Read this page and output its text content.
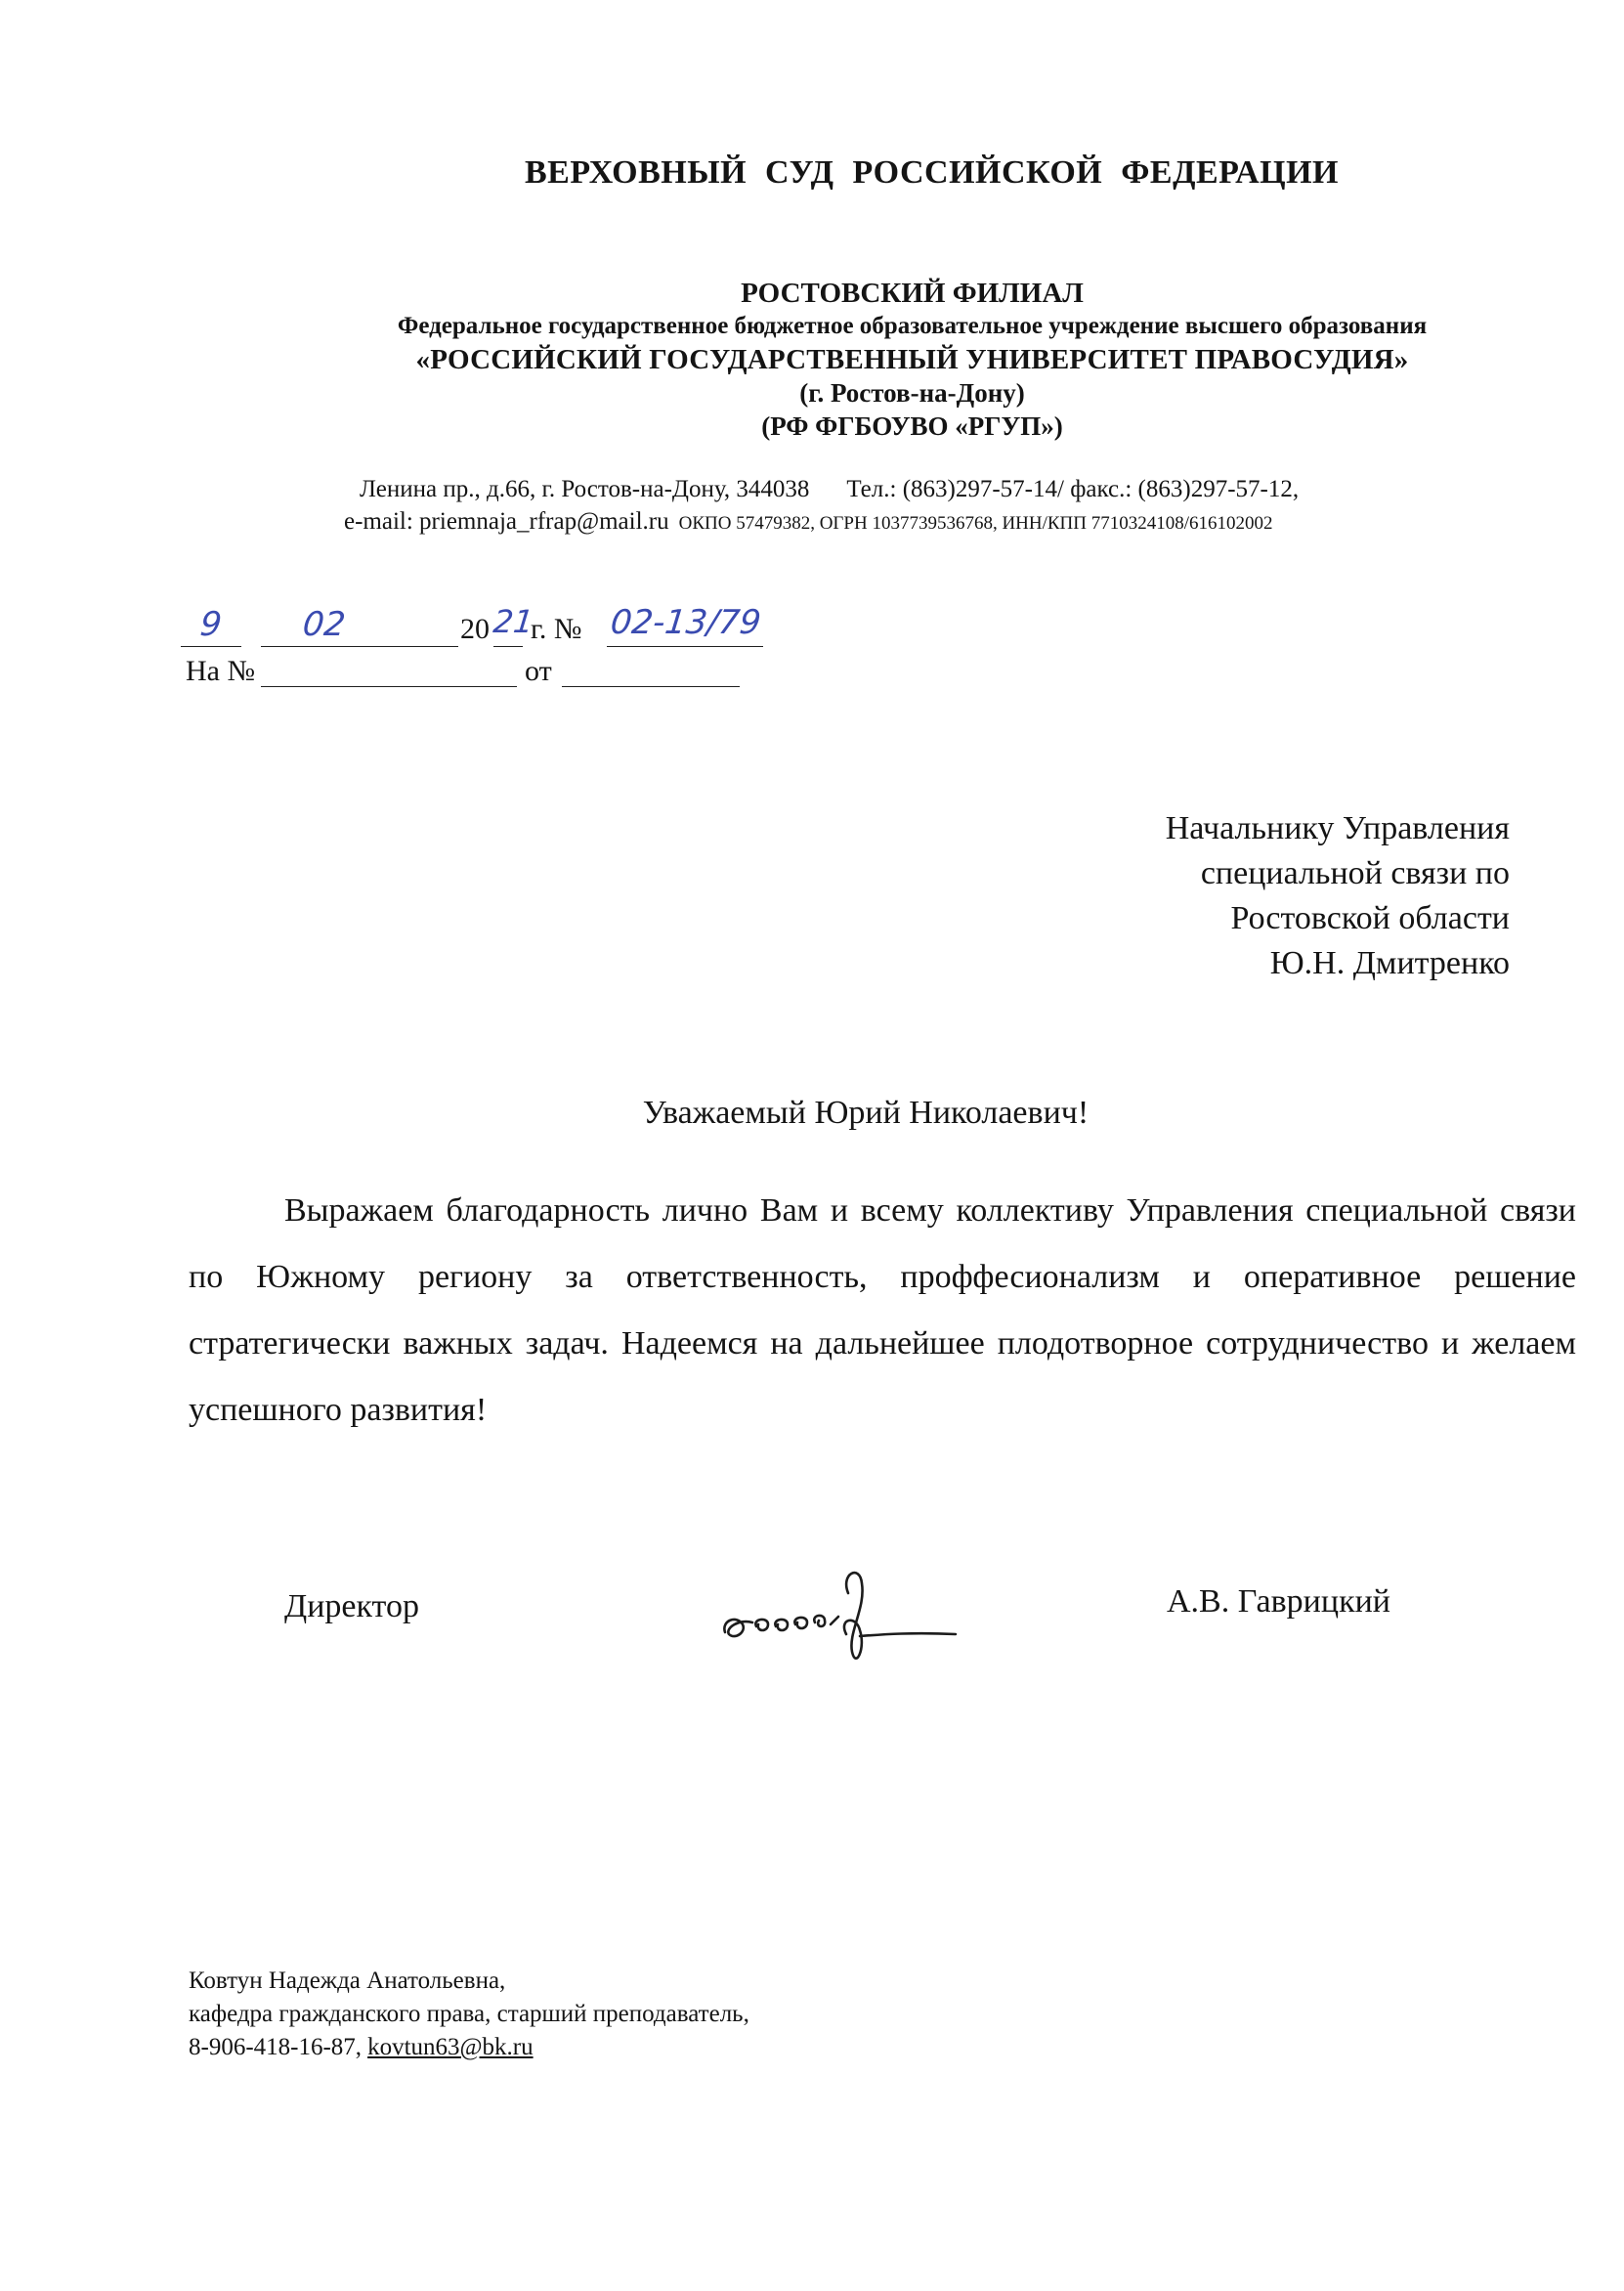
ВЕРХОВНЫЙ СУД РОССИЙСКОЙ ФЕДЕРАЦИИ
РОСТОВСКИЙ ФИЛИАЛ
Федеральное государственное бюджетное образовательное учреждение высшего образования
«РОССИЙСКИЙ ГОСУДАРСТВЕННЫЙ УНИВЕРСИТЕТ ПРАВОСУДИЯ»
(г. Ростов-на-Дону)
(РФ ФГБОУВО «РГУП»)
Ленина пр., д.66, г. Ростов-на-Дону, 344038 Тел.: (863)297-57-14/ факс.: (863)297-57-12,
e-mail: priemnaja_rfrap@mail.ru ОКПО 57479382, ОГРН 1037739536768, ИНН/КПП 7710324108/616102002
9 02	20 21
г. № 02-13/79
На №	от
Начальнику Управления
специальной связи по
Ростовской области
Ю.Н. Дмитренко
Уважаемый Юрий Николаевич!
Выражаем благодарность лично Вам и всему коллективу Управления специальной связи по Южному региону за ответственность, проффесионализм и оперативное решение стратегически важных задач. Надеемся на дальнейшее плодотворное сотрудничество и желаем успешного развития!
Директор	А.В. Гаврицкий
Ковтун Надежда Анатольевна,
кафедра гражданского права, старший преподаватель,
8-906-418-16-87, kovtun63@bk.ru
